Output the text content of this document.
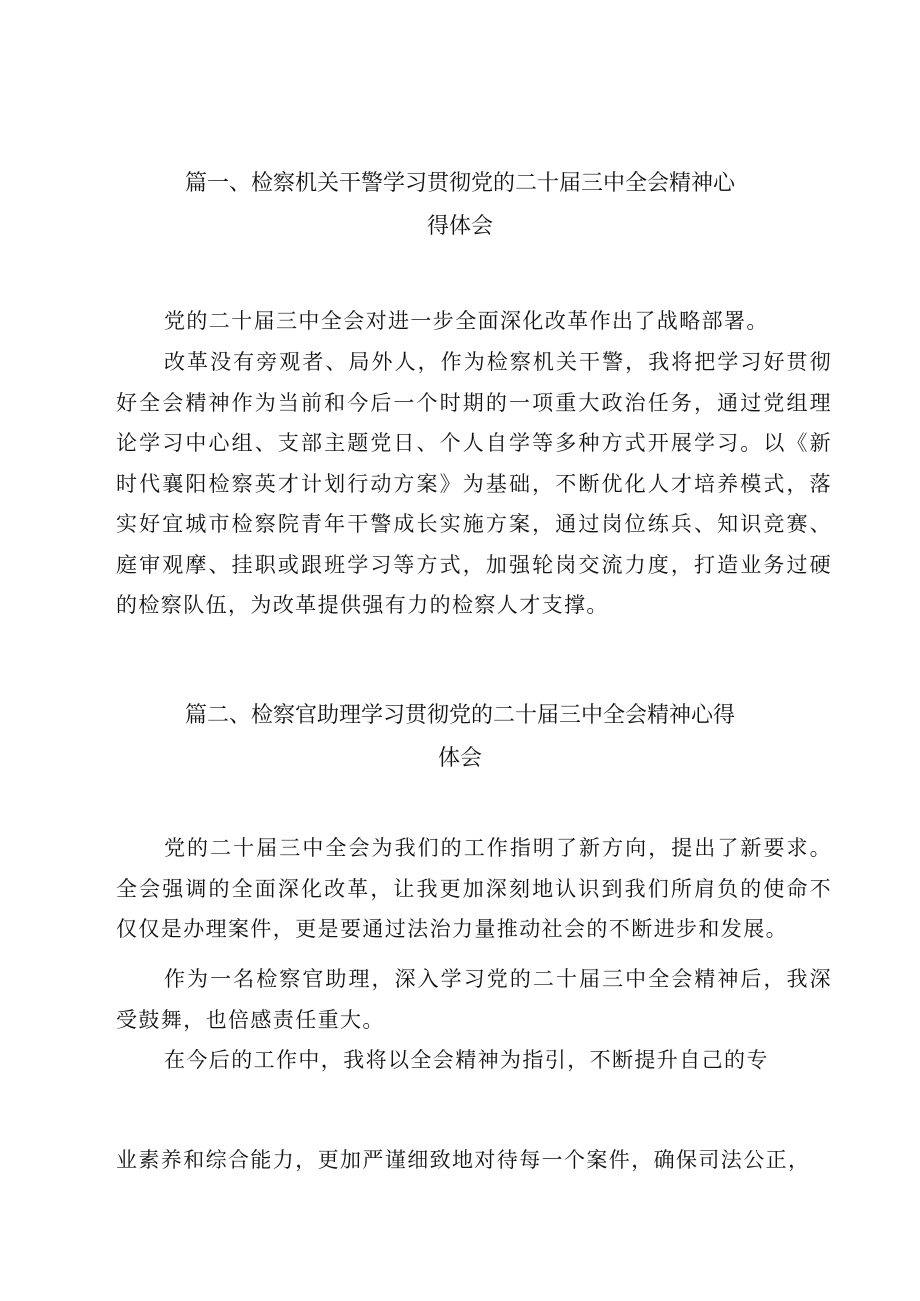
篇一、检察机关干警学习贯彻党的二十届三中全会精神心
得体会

党的二十届三中全会对进一步全面深化改革作出了战略部署。

改革没有旁观者、局外人，作为检察机关干警，我将把学习好贯彻好全会精神作为当前和今后一个时期的一项重大政治任务，通过党组理论学习中心组、支部主题党日、个人自学等多种方式开展学习。以《新时代襄阳检察英才计划行动方案》为基础，不断优化人才培养模式，落实好宜城市检察院青年干警成长实施方案，通过岗位练兵、知识竞赛、庭审观摩、挂职或跟班学习等方式，加强轮岗交流力度，打造业务过硬的检察队伍，为改革提供强有力的检察人才支撑。

篇二、检察官助理学习贯彻党的二十届三中全会精神心得
体会

党的二十届三中全会为我们的工作指明了新方向，提出了新要求。全会强调的全面深化改革，让我更加深刻地认识到我们所肩负的使命不仅仅是办理案件，更是要通过法治力量推动社会的不断进步和发展。

作为一名检察官助理，深入学习党的二十届三中全会精神后，我深受鼓舞，也倍感责任重大。

在今后的工作中，我将以全会精神为指引，不断提升自己的专

业素养和综合能力，更加严谨细致地对待每一个案件，确保司法公正，
